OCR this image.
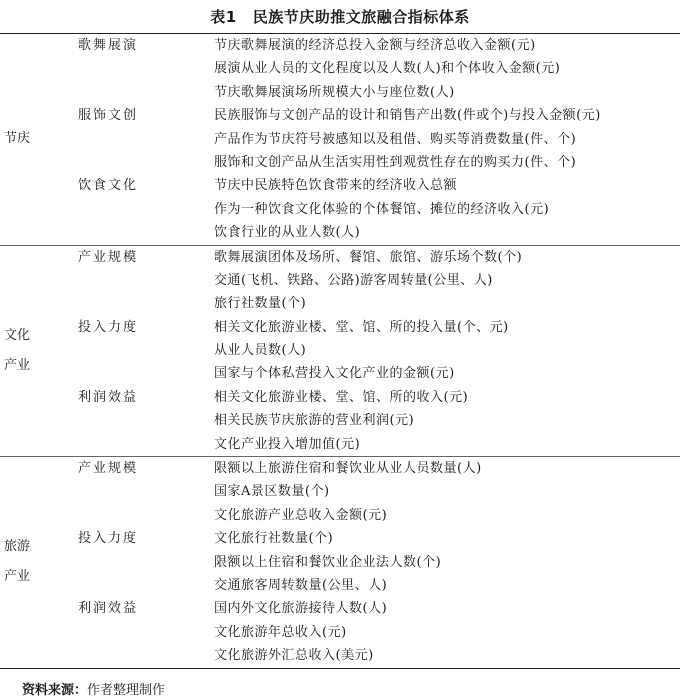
表1 民族节庆助推文旅融合指标体系
节庆
歌舞展演	节庆歌舞展演的经济总投入金额与经济总收入金额(元)
展演从业人员的文化程度以及人数(人)和个体收入金额(元)
节庆歌舞展演场所规模大小与座位数(人)
服饰文创	民族服饰与文创产品的设计和销售产出数(件或个)与投入金额(元)
产品作为节庆符号被感知以及租借、购买等消费数量(件、个)
服饰和文创产品从生活实用性到观赏性存在的购买力(件、个)
饮食文化	节庆中民族特色饮食带来的经济收入总额
作为一种饮食文化体验的个体餐馆、摊位的经济收入(元)
饮食行业的从业人数(人)
文化
产业
产业规模	歌舞展演团体及场所、餐馆、旅馆、游乐场个数(个)
交通(飞机、铁路、公路)游客周转量(公里、人)
旅行社数量(个)
投入力度	相关文化旅游业楼、堂、馆、所的投入量(个、元)
从业人员数(人)
国家与个体私营投入文化产业的金额(元)
利润效益	相关文化旅游业楼、堂、馆、所的收入(元)
相关民族节庆旅游的营业利润(元)
文化产业投入增加值(元)
旅游
产业
产业规模	限额以上旅游住宿和餐饮业从业人员数量(人)
国家A景区数量(个)
文化旅游产业总收入金额(元)
投入力度	文化旅行社数量(个)
限额以上住宿和餐饮业企业法人数(个)
交通旅客周转数量(公里、人)
利润效益	国内外文化旅游接待人数(人)
文化旅游年总收入(元)
文化旅游外汇总收入(美元)
资料来源：作者整理制作
